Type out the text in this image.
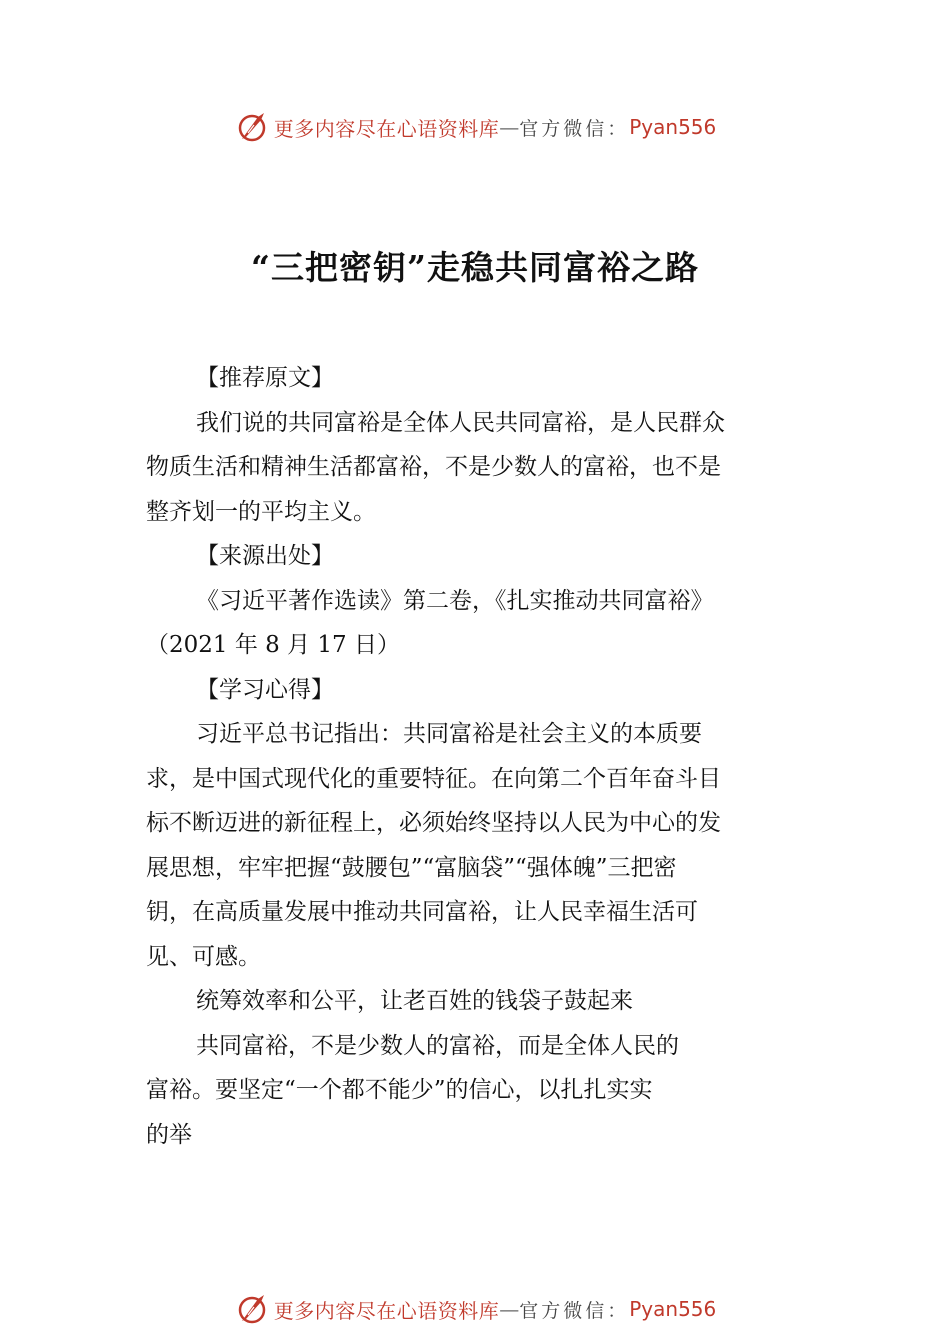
更多内容尽在心语资料库 — 官方微信： Pyan556
“三把密钥”走稳共同富裕之路

【推荐原文】

我们说的共同富裕是全体人民共同富裕，是人民群众
物质生活和精神生活都富裕，不是少数人的富裕，也不是
整齐划一的平均主义。

【来源出处】

《习近平著作选读》第二卷，《扎实推动共同富裕》
（2021 年 8 月 17 日）

【学习心得】

习近平总书记指出：共同富裕是社会主义的本质要
求，是中国式现代化的重要特征。在向第二个百年奋斗目
标不断迈进的新征程上，必须始终坚持以人民为中心的发
展思想，牢牢把握“鼓腰包”“富脑袋”“强体魄”三把密
钥，在高质量发展中推动共同富裕，让人民幸福生活可
见、可感。

统筹效率和公平，让老百姓的钱袋子鼓起来

共同富裕，不是少数人的富裕，而是全体人民的
富裕。要坚定“一个都不能少”的信心，以扎扎实实
的举

更多内容尽在心语资料库 — 官方微信： Pyan556
